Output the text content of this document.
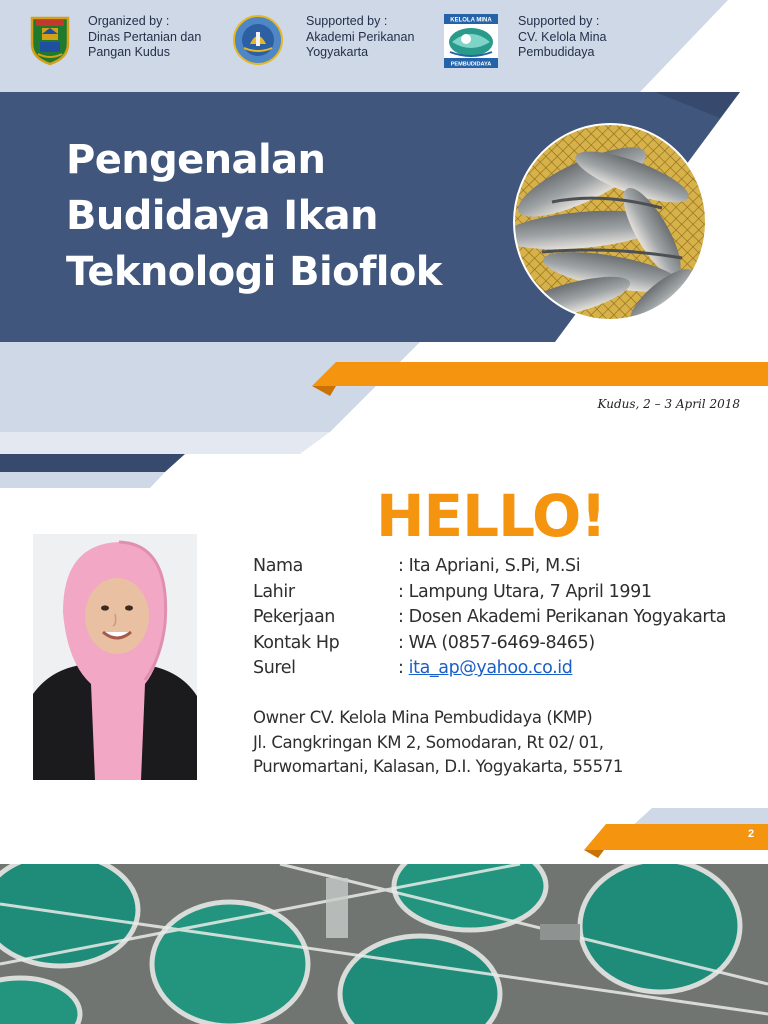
Organized by :
Dinas Pertanian dan
Pangan Kudus
Supported by :
Akademi Perikanan
Yogyakarta
KELOLA MINA
PEMBUDIDAYA
Supported by :
CV. Kelola Mina
Pembudidaya
Pengenalan
Budidaya Ikan
Teknologi Bioflok
Kudus, 2 – 3 April 2018
HELLO!
Nama	: Ita Apriani, S.Pi, M.Si
Lahir	: Lampung Utara, 7 April 1991
Pekerjaan	: Dosen Akademi Perikanan Yogyakarta
Kontak Hp	: WA (0857-6469-8465)
Surel	: ita_ap@yahoo.co.id
Owner CV. Kelola Mina Pembudidaya (KMP)
Jl. Cangkringan KM 2, Somodaran, Rt 02/ 01,
Purwomartani, Kalasan, D.I. Yogyakarta, 55571
2
